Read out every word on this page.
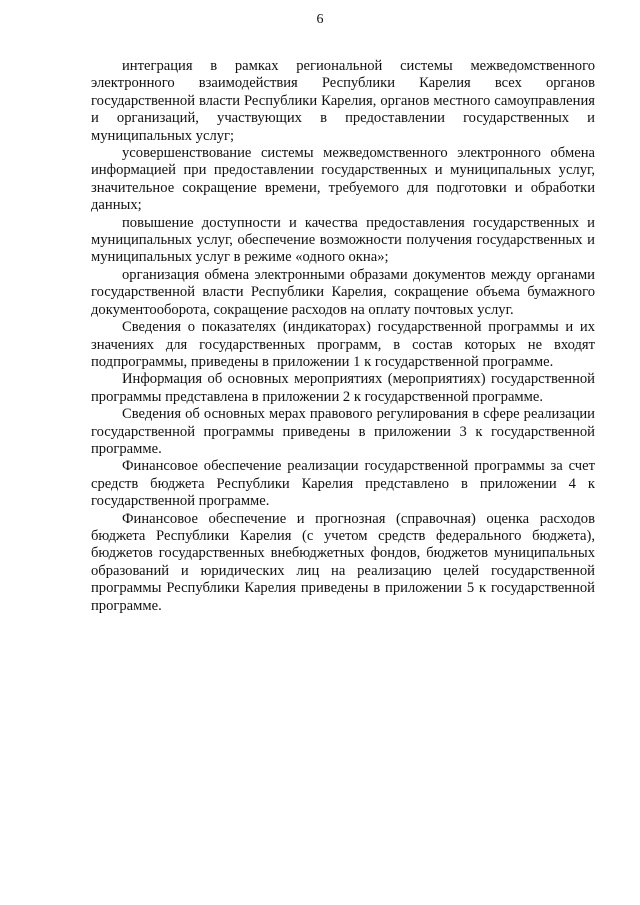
6

интеграция в рамках региональной системы межведомственного электронного взаимодействия Республики Карелия всех органов государственной власти Республики Карелия, органов местного самоуправления и организаций, участвующих в предоставлении государственных и муниципальных услуг;

усовершенствование системы межведомственного электронного обмена информацией при предоставлении государственных и муниципальных услуг, значительное сокращение времени, требуемого для подготовки и обработки данных;

повышение доступности и качества предоставления государственных и муниципальных услуг, обеспечение возможности получения государственных и муниципальных услуг в режиме «одного окна»;

организация обмена электронными образами документов между органами государственной власти Республики Карелия, сокращение объема бумажного документооборота, сокращение расходов на оплату почтовых услуг.

Сведения о показателях (индикаторах) государственной программы и их значениях для государственных программ, в состав которых не входят подпрограммы, приведены в приложении 1 к государственной программе.

Информация об основных мероприятиях (мероприятиях) государственной программы представлена в приложении 2 к государственной программе.

Сведения об основных мерах правового регулирования в сфере реализации государственной программы приведены в приложении 3 к государственной программе.

Финансовое обеспечение реализации государственной программы за счет средств бюджета Республики Карелия представлено в приложении 4 к государственной программе.

Финансовое обеспечение и прогнозная (справочная) оценка расходов бюджета Республики Карелия (с учетом средств федерального бюджета), бюджетов государственных внебюджетных фондов, бюджетов муниципальных образований и юридических лиц на реализацию целей государственной программы Республики Карелия приведены в приложении 5 к государственной программе.
